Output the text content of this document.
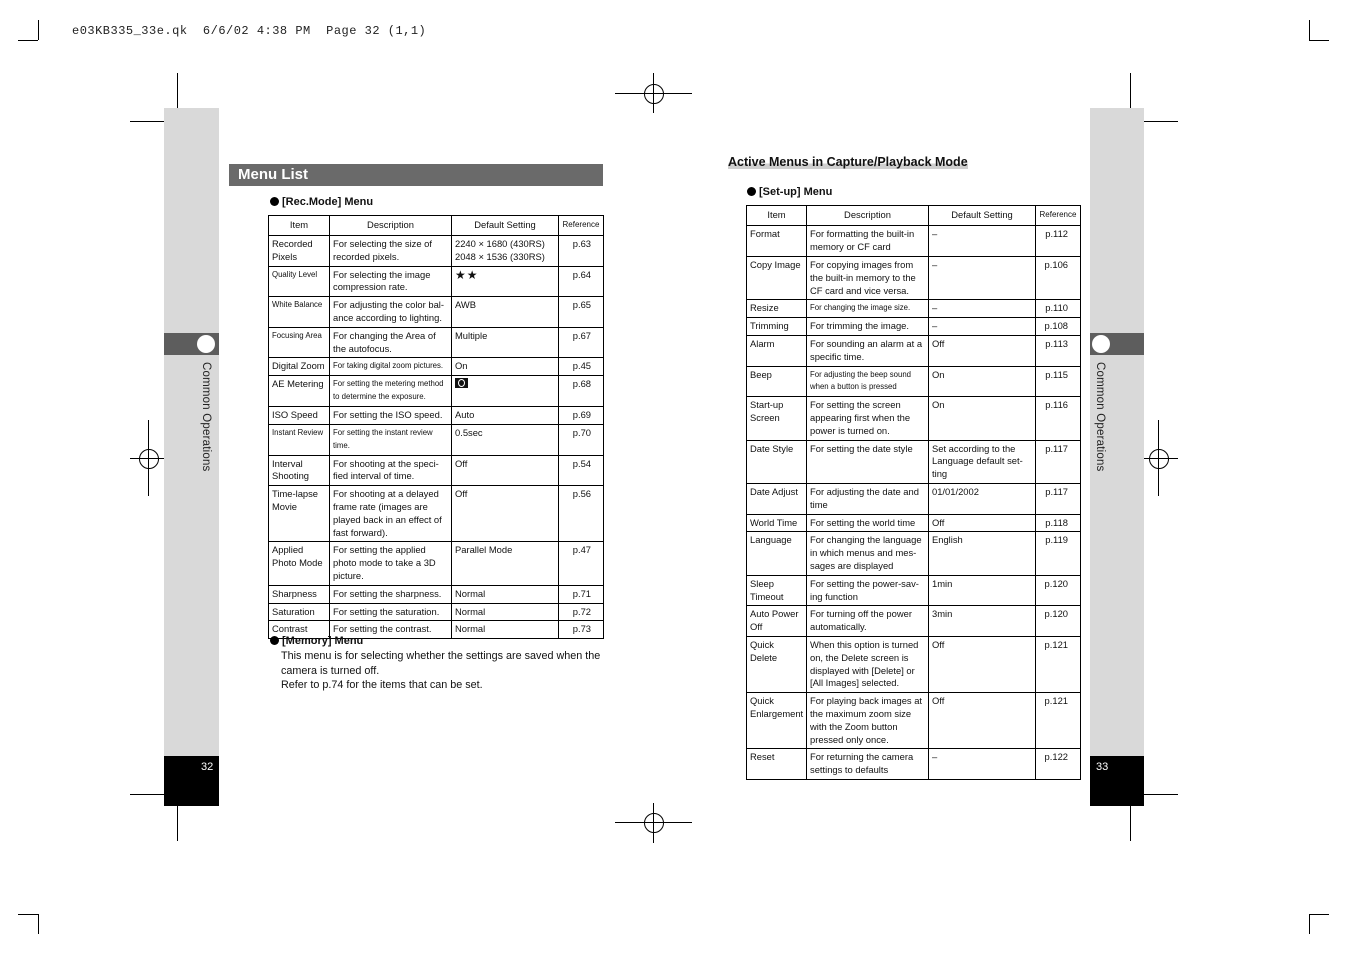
e03KB335_33e.qk  6/6/02 4:38 PM  Page 32 (1,1)
Common Operations
32
Common Operations
33
Menu List
[Rec.Mode] Menu
Item	Description	Default Setting	Reference
Recorded Pixels	For selecting the size of recorded pixels.	2240 × 1680 (430RS) 2048 × 1536 (330RS)	p.63
Quality Level	For selecting the image compression rate.	★★	p.64
White Balance	For adjusting the color bal-ance according to lighting.	AWB	p.65
Focusing Area	For changing the Area of the autofocus.	Multiple	p.67
Digital Zoom	For taking digital zoom pictures.	On	p.45
AE Metering	For setting the metering method to determine the exposure.		p.68
ISO Speed	For setting the ISO speed.	Auto	p.69
Instant Review	For setting the instant review time.	0.5sec	p.70
Interval Shooting	For shooting at the speci-fied interval of time.	Off	p.54
Time-lapse Movie	For shooting at a delayed frame rate (images are played back in an effect of fast forward).	Off	p.56
Applied Photo Mode	For setting the applied photo mode to take a 3D picture.	Parallel Mode	p.47
Sharpness	For setting the sharpness.	Normal	p.71
Saturation	For setting the saturation.	Normal	p.72
Contrast	For setting the contrast.	Normal	p.73
[Memory] Menu
This menu is for selecting whether the settings are saved when the camera is turned off.
Refer to p.74 for the items that can be set.
Active Menus in Capture/Playback Mode
[Set-up] Menu
Item	Description	Default Setting	Reference
Format	For formatting the built-in memory or CF card	–	p.112
Copy Image	For copying images from the built-in memory to the CF card and vice versa.	–	p.106
Resize	For changing the image size.	–	p.110
Trimming	For trimming the image.	–	p.108
Alarm	For sounding an alarm at a specific time.	Off	p.113
Beep	For adjusting the beep sound when a button is pressed	On	p.115
Start-up Screen	For setting the screen appearing first when the power is turned on.	On	p.116
Date Style	For setting the date style	Set according to the Language default set-ting	p.117
Date Adjust	For adjusting the date and time	01/01/2002	p.117
World Time	For setting the world time	Off	p.118
Language	For changing the language in which menus and mes-sages are displayed	English	p.119
Sleep Timeout	For setting the power-sav-ing function	1min	p.120
Auto Power Off	For turning off the power automatically.	3min	p.120
Quick Delete	When this option is turned on, the Delete screen is displayed with [Delete] or [All Images] selected.	Off	p.121
Quick Enlargement	For playing back images at the maximum zoom size with the Zoom button pressed only once.	Off	p.121
Reset	For returning the camera settings to defaults	–	p.122
